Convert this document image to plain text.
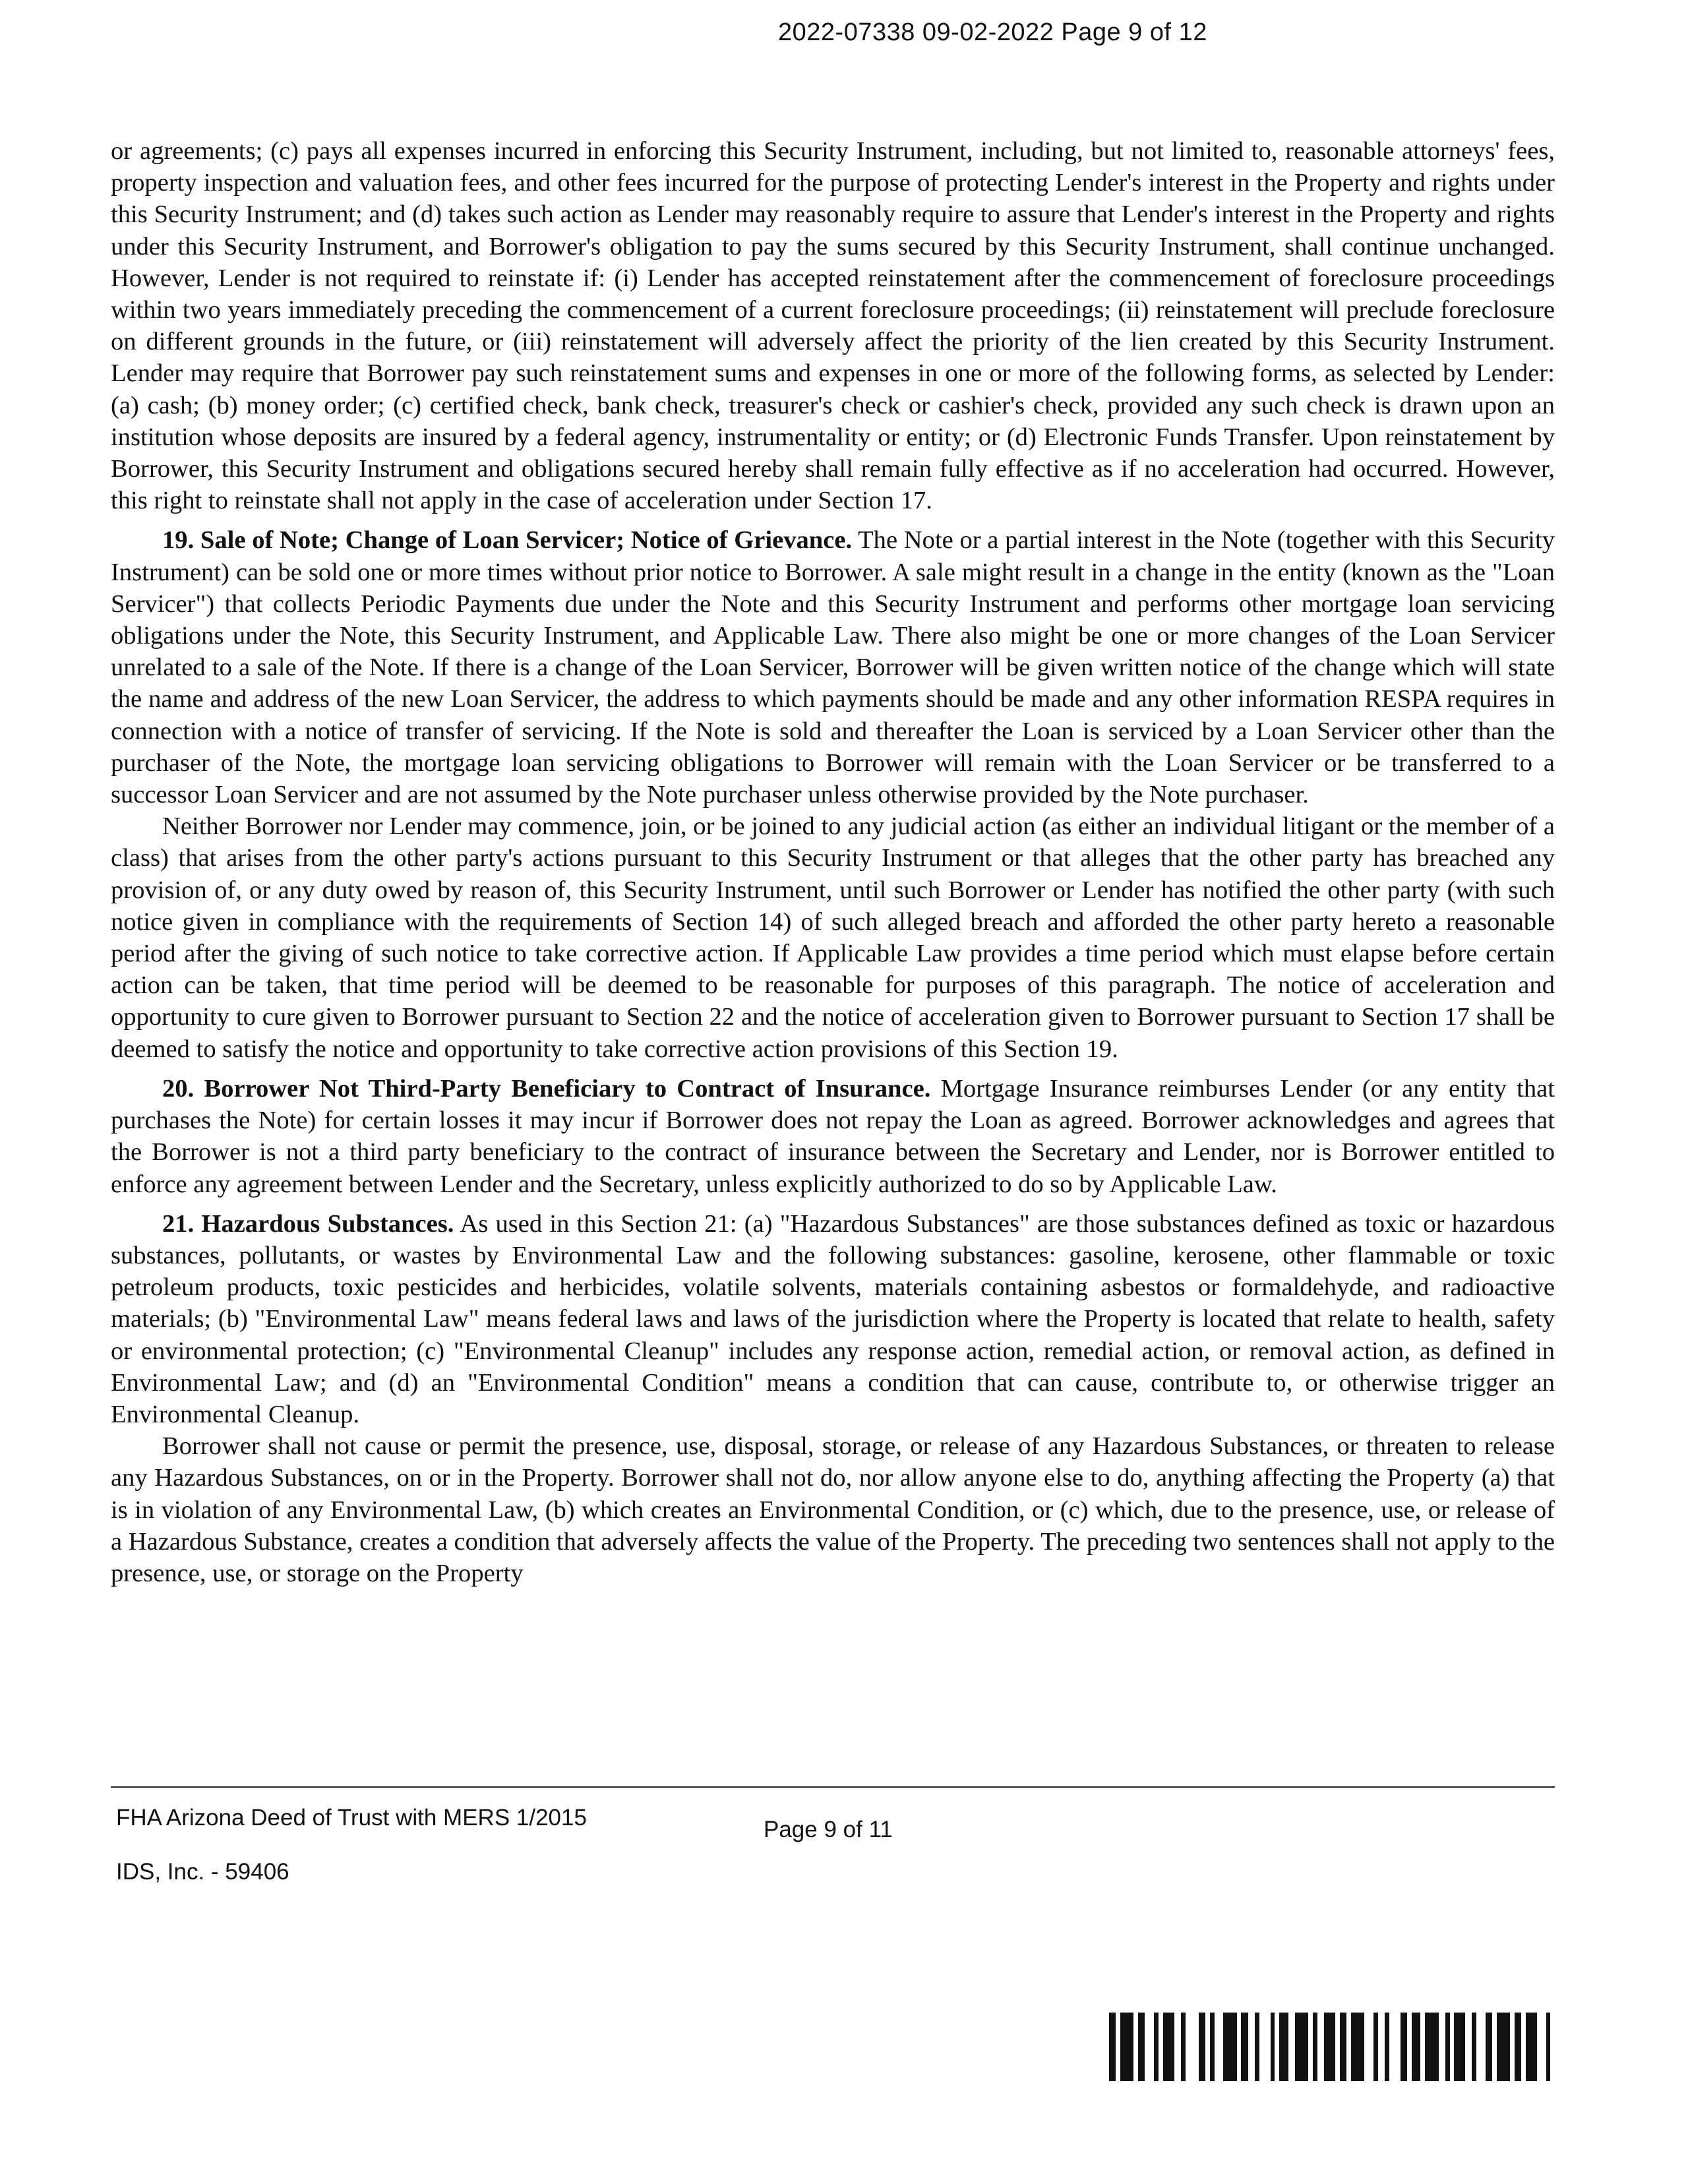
2022-07338 09-02-2022 Page 9 of 12

or agreements; (c) pays all expenses incurred in enforcing this Security Instrument, including, but not limited to, reasonable attorneys' fees, property inspection and valuation fees, and other fees incurred for the purpose of protecting Lender's interest in the Property and rights under this Security Instrument; and (d) takes such action as Lender may reasonably require to assure that Lender's interest in the Property and rights under this Security Instrument, and Borrower's obligation to pay the sums secured by this Security Instrument, shall continue unchanged. However, Lender is not required to reinstate if: (i) Lender has accepted reinstatement after the commencement of foreclosure proceedings within two years immediately preceding the commencement of a current foreclosure proceedings; (ii) reinstatement will preclude foreclosure on different grounds in the future, or (iii) reinstatement will adversely affect the priority of the lien created by this Security Instrument. Lender may require that Borrower pay such reinstatement sums and expenses in one or more of the following forms, as selected by Lender: (a) cash; (b) money order; (c) certified check, bank check, treasurer's check or cashier's check, provided any such check is drawn upon an institution whose deposits are insured by a federal agency, instrumentality or entity; or (d) Electronic Funds Transfer. Upon reinstatement by Borrower, this Security Instrument and obligations secured hereby shall remain fully effective as if no acceleration had occurred. However, this right to reinstate shall not apply in the case of acceleration under Section 17.

19. Sale of Note; Change of Loan Servicer; Notice of Grievance. The Note or a partial interest in the Note (together with this Security Instrument) can be sold one or more times without prior notice to Borrower. A sale might result in a change in the entity (known as the "Loan Servicer") that collects Periodic Payments due under the Note and this Security Instrument and performs other mortgage loan servicing obligations under the Note, this Security Instrument, and Applicable Law. There also might be one or more changes of the Loan Servicer unrelated to a sale of the Note. If there is a change of the Loan Servicer, Borrower will be given written notice of the change which will state the name and address of the new Loan Servicer, the address to which payments should be made and any other information RESPA requires in connection with a notice of transfer of servicing. If the Note is sold and thereafter the Loan is serviced by a Loan Servicer other than the purchaser of the Note, the mortgage loan servicing obligations to Borrower will remain with the Loan Servicer or be transferred to a successor Loan Servicer and are not assumed by the Note purchaser unless otherwise provided by the Note purchaser.

Neither Borrower nor Lender may commence, join, or be joined to any judicial action (as either an individual litigant or the member of a class) that arises from the other party's actions pursuant to this Security Instrument or that alleges that the other party has breached any provision of, or any duty owed by reason of, this Security Instrument, until such Borrower or Lender has notified the other party (with such notice given in compliance with the requirements of Section 14) of such alleged breach and afforded the other party hereto a reasonable period after the giving of such notice to take corrective action. If Applicable Law provides a time period which must elapse before certain action can be taken, that time period will be deemed to be reasonable for purposes of this paragraph. The notice of acceleration and opportunity to cure given to Borrower pursuant to Section 22 and the notice of acceleration given to Borrower pursuant to Section 17 shall be deemed to satisfy the notice and opportunity to take corrective action provisions of this Section 19.

20. Borrower Not Third-Party Beneficiary to Contract of Insurance. Mortgage Insurance reimburses Lender (or any entity that purchases the Note) for certain losses it may incur if Borrower does not repay the Loan as agreed. Borrower acknowledges and agrees that the Borrower is not a third party beneficiary to the contract of insurance between the Secretary and Lender, nor is Borrower entitled to enforce any agreement between Lender and the Secretary, unless explicitly authorized to do so by Applicable Law.

21. Hazardous Substances. As used in this Section 21: (a) "Hazardous Substances" are those substances defined as toxic or hazardous substances, pollutants, or wastes by Environmental Law and the following substances: gasoline, kerosene, other flammable or toxic petroleum products, toxic pesticides and herbicides, volatile solvents, materials containing asbestos or formaldehyde, and radioactive materials; (b) "Environmental Law" means federal laws and laws of the jurisdiction where the Property is located that relate to health, safety or environmental protection; (c) "Environmental Cleanup" includes any response action, remedial action, or removal action, as defined in Environmental Law; and (d) an "Environmental Condition" means a condition that can cause, contribute to, or otherwise trigger an Environmental Cleanup.

Borrower shall not cause or permit the presence, use, disposal, storage, or release of any Hazardous Substances, or threaten to release any Hazardous Substances, on or in the Property. Borrower shall not do, nor allow anyone else to do, anything affecting the Property (a) that is in violation of any Environmental Law, (b) which creates an Environmental Condition, or (c) which, due to the presence, use, or release of a Hazardous Substance, creates a condition that adversely affects the value of the Property. The preceding two sentences shall not apply to the presence, use, or storage on the Property

FHA Arizona Deed of Trust with MERS 1/2015
IDS, Inc. - 59406
Page 9 of 11
